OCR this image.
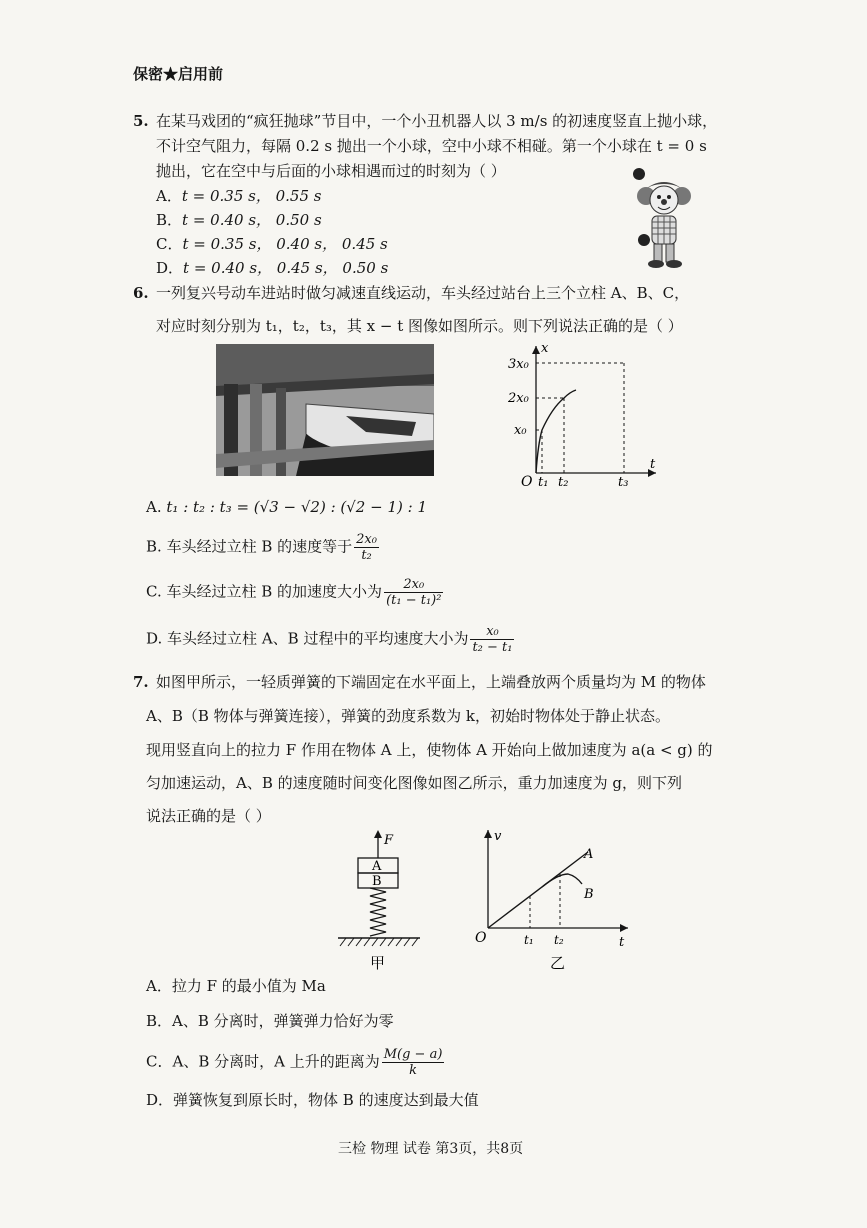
保密★启用前
5. 在某马戏团的“疯狂抛球”节目中，一个小丑机器人以 3 m/s 的初速度竖直上抛小球，
不计空气阻力，每隔 0.2 s 抛出一个小球，空中小球不相碰。第一个小球在 t = 0 s
抛出，它在空中与后面的小球相遇而过的时刻为（ ）
A．t = 0.35 s， 0.55 s
B．t = 0.40 s， 0.50 s
C．t = 0.35 s， 0.40 s， 0.45 s
D．t = 0.40 s， 0.45 s， 0.50 s
6. 一列复兴号动车进站时做匀减速直线运动，车头经过站台上三个立柱 A、B、C，
对应时刻分别为 t₁，t₂，t₃，其 x − t 图像如图所示。则下列说法正确的是（ ）
x
t
3x₀
2x₀
x₀
O t₁ t₂	t₃
A. t₁ : t₂ : t₃ = (√3 − √2) : (√2 − 1) : 1
B. 车头经过立柱 B 的速度等于 $\frac{\text{2x₀}}{\text{t₂}}$
C. 车头经过立柱 B 的加速度大小为 $\frac{\text{2x₀}}{\text{(t₁ − t₁)²}}$
D. 车头经过立柱 A、B 过程中的平均速度大小为 $\frac{\text{x₀}}{\text{t₂ − t₁}}$
7. 如图甲所示，一轻质弹簧的下端固定在水平面上，上端叠放两个质量均为 M 的物体
A、B（B 物体与弹簧连接），弹簧的劲度系数为 k，初始时物体处于静止状态。
现用竖直向上的拉力 F 作用在物体 A 上，使物体 A 开始向上做加速度为 a(a < g) 的
匀加速运动，A、B 的速度随时间变化图像如图乙所示，重力加速度为 g，则下列
说法正确的是（ ）
F
A
B
甲
v
t
O	t₁ t₂
A
B
乙
A．拉力 F 的最小值为 Ma
B．A、B 分离时，弹簧弹力恰好为零
C．A、B 分离时，A 上升的距离为 $\frac{M(g - a)}{k}$
D．弹簧恢复到原长时，物体 B 的速度达到最大值
三检 物理 试卷 第3页，共8页
